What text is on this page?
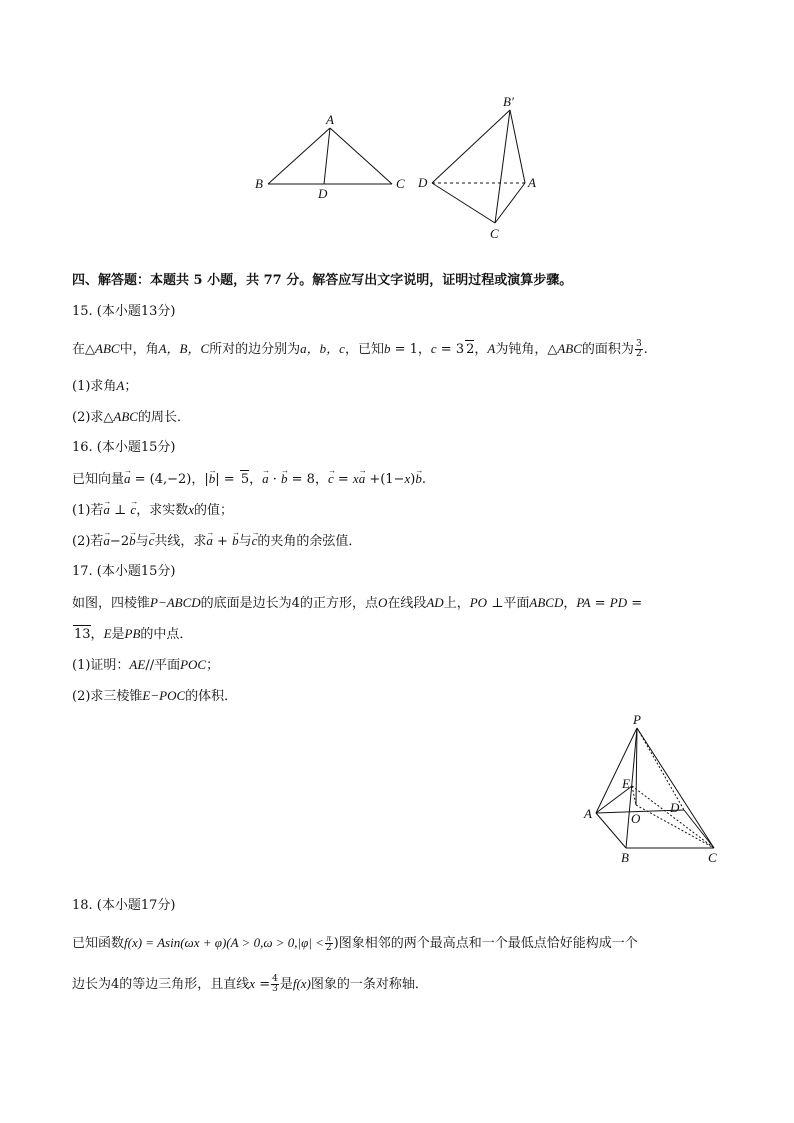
A
B	C
D
B′
D	A
C
四、解答题：本题共 5 小题，共 77 分。解答应写出文字说明，证明过程或演算步骤。
15. (本小题13分)
在△ABC中，角A，B，C所对的边分别为a，b，c，已知b = 1，c = 3 2，A为钝角，△ABC的面积为 $\frac{3}{2}$ .
(1)求角A；
(2)求△ABC的周长．
16. (本小题15分)
已知向量→ a = (4,−2)，|→ b| = 5，→ a · → b = 8，→ c = x→ a +(1−x)→ b.
(1)若→ a ⊥ → c，求实数x的值；
(2)若→ a−2→ b与→ c共线，求→ a + → b与→ c的夹角的余弦值．
17. (本小题15分)
如图，四棱锥P−ABCD的底面是边长为4的正方形，点O在线段AD上，PO ⊥平面ABCD，PA = PD =
13，E是PB的中点．
(1)证明：AE//平面POC；
(2)求三棱锥E−POC的体积．
P
E
A	O
D
B	C
18. (本小题17分)
已知函数$f(x) = Asin(\omega x + \varphi)(A > 0,\omega > 0,|\varphi| < \frac{\pi}{2}$ )图象相邻的两个最高点和一个最低点恰好能构成一个
边长为4的等边三角形，且直线$x = \frac{4}{3}$ 是f(x)图象的一条对称轴．
